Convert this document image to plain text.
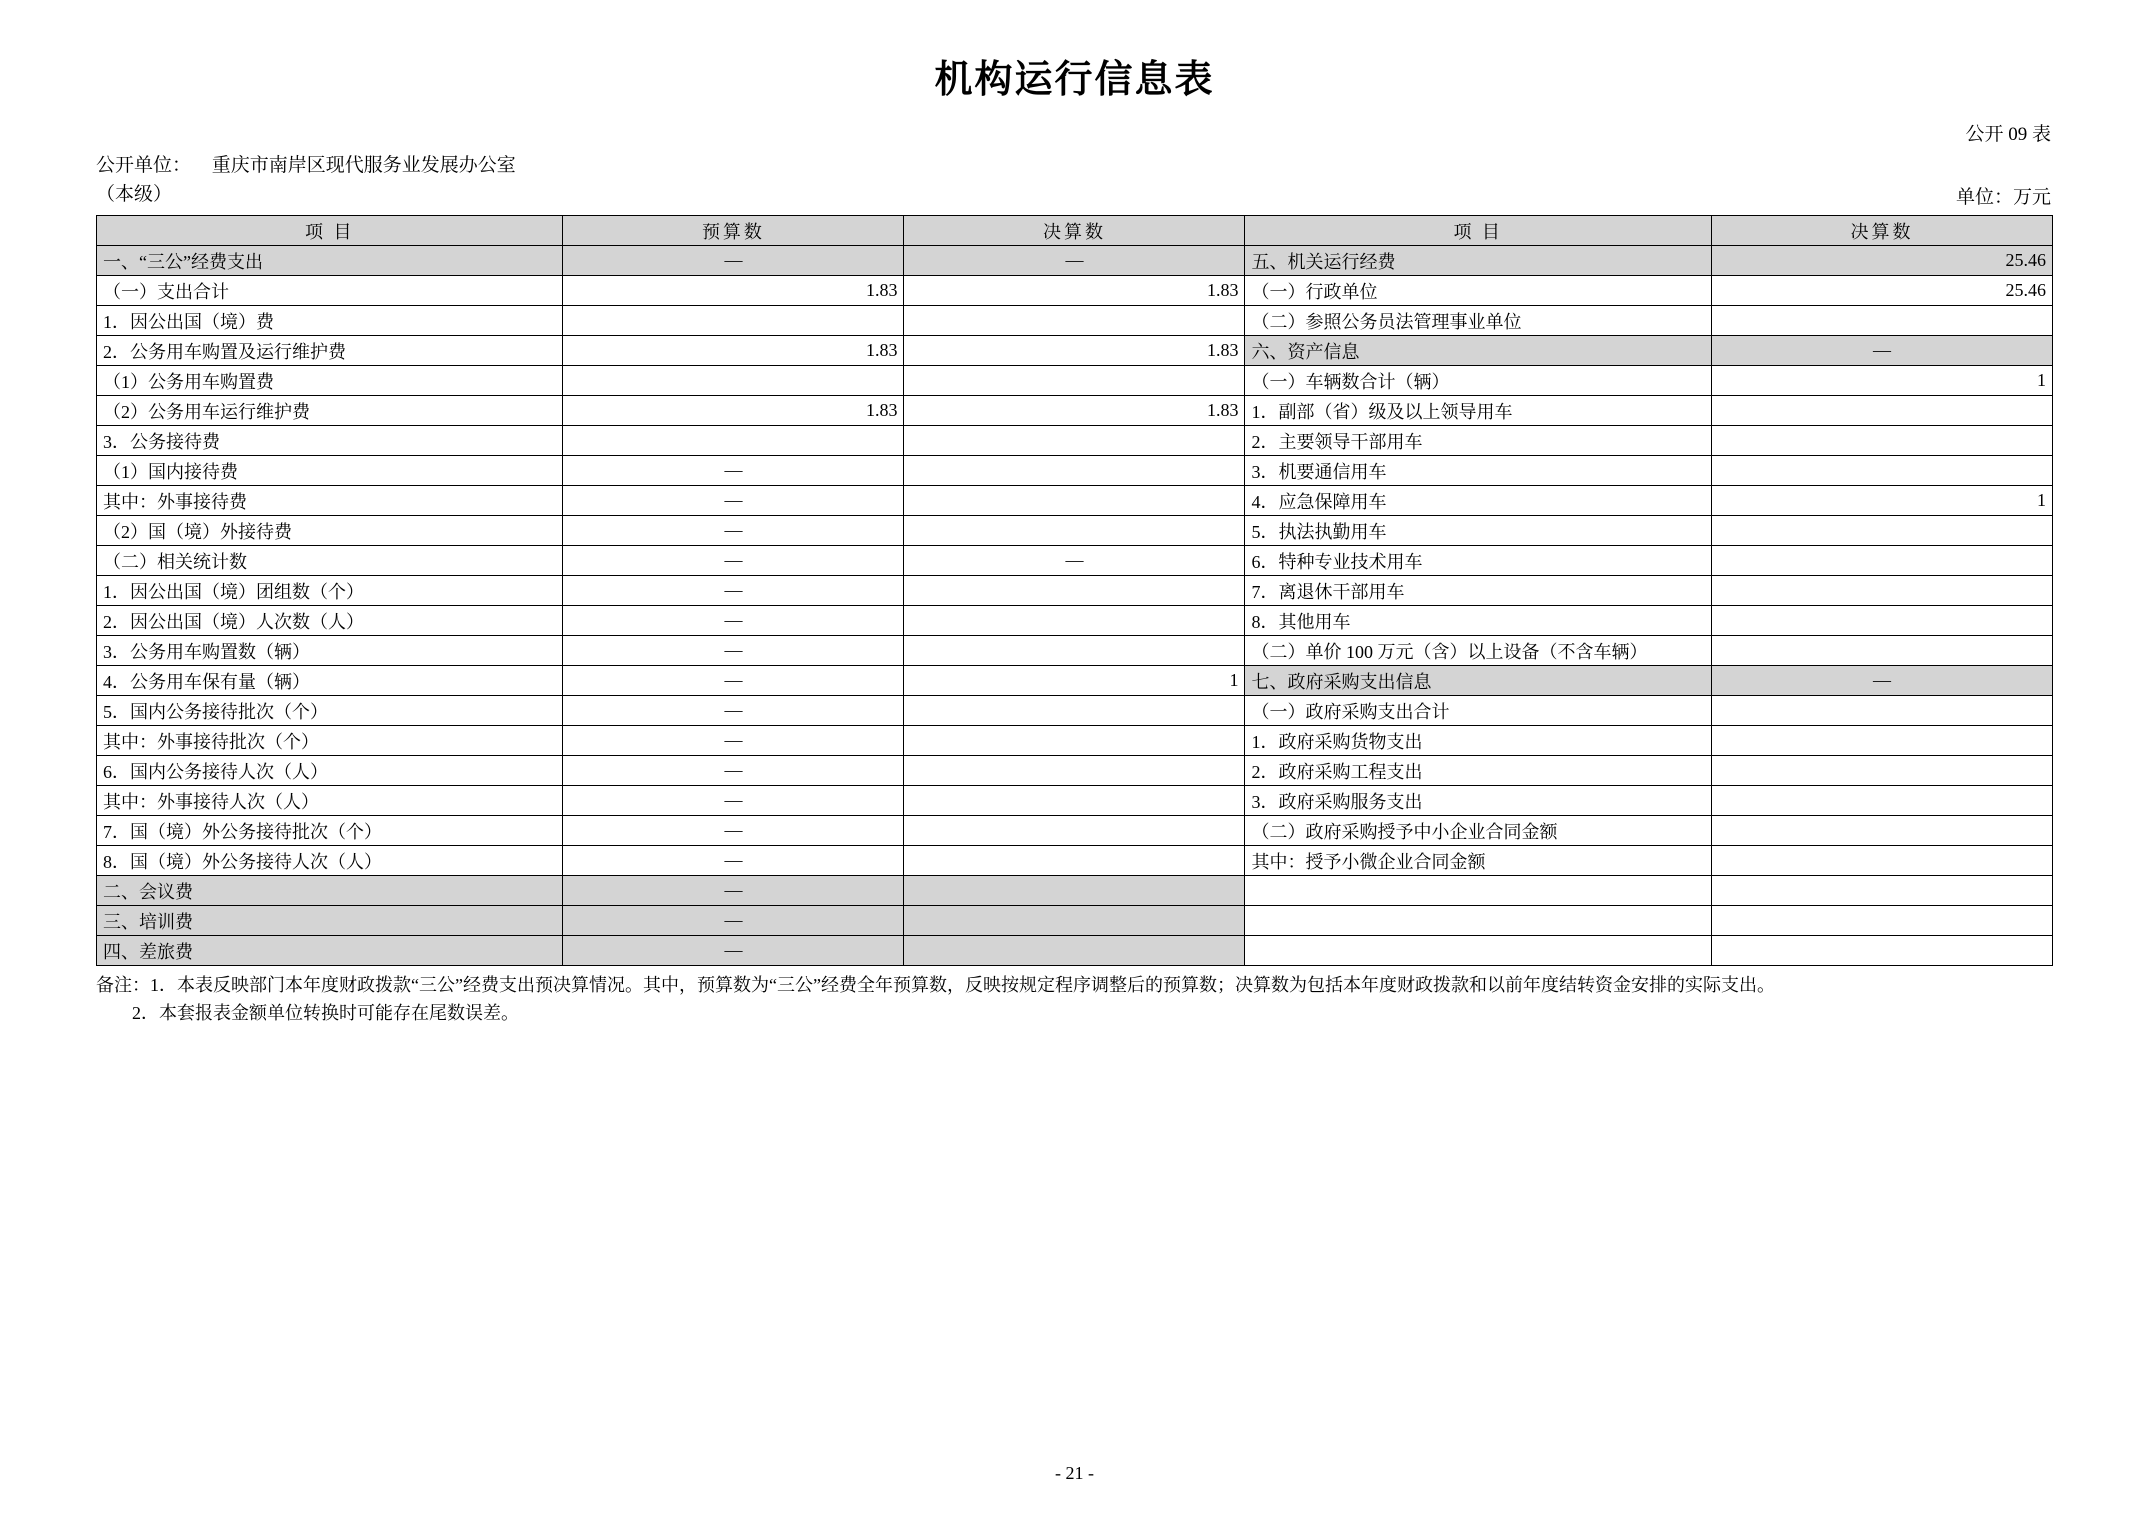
机构运行信息表
公开 09 表
公开单位： 重庆市南岸区现代服务业发展办公室
（本级）	单位：万元
项 目	预算数	决算数	项 目	决算数
一、“三公”经费支出	—	—	五、机关运行经费	25.46
（一）支出合计	1.83	1.83	（一）行政单位	25.46
1．因公出国（境）费			（二）参照公务员法管理事业单位	
2．公务用车购置及运行维护费	1.83	1.83	六、资产信息	—
（1）公务用车购置费			（一）车辆数合计（辆）	1
（2）公务用车运行维护费	1.83	1.83	1．副部（省）级及以上领导用车	
3．公务接待费			2．主要领导干部用车	
（1）国内接待费	—		3．机要通信用车	
其中：外事接待费	—		4．应急保障用车	1
（2）国（境）外接待费	—		5．执法执勤用车	
（二）相关统计数	—	—	6．特种专业技术用车	
1．因公出国（境）团组数（个）	—		7．离退休干部用车	
2．因公出国（境）人次数（人）	—		8．其他用车	
3．公务用车购置数（辆）	—		（二）单价 100 万元（含）以上设备（不含车辆）	
4．公务用车保有量（辆）	—	1	七、政府采购支出信息	—
5．国内公务接待批次（个）	—		（一）政府采购支出合计	
其中：外事接待批次（个）	—		1．政府采购货物支出	
6．国内公务接待人次（人）	—		2．政府采购工程支出	
其中：外事接待人次（人）	—		3．政府采购服务支出	
7．国（境）外公务接待批次（个）	—		（二）政府采购授予中小企业合同金额	
8．国（境）外公务接待人次（人）	—		其中：授予小微企业合同金额	
二、会议费	—			
三、培训费	—			
四、差旅费	—			
备注：1．本表反映部门本年度财政拨款“三公”经费支出预决算情况。其中，预算数为“三公”经费全年预算数，反映按规定程序调整后的预算数；决算数为包括本年度财政拨款和以前年度结转资金安排的实际支出。
2．本套报表金额单位转换时可能存在尾数误差。
- 21 -
